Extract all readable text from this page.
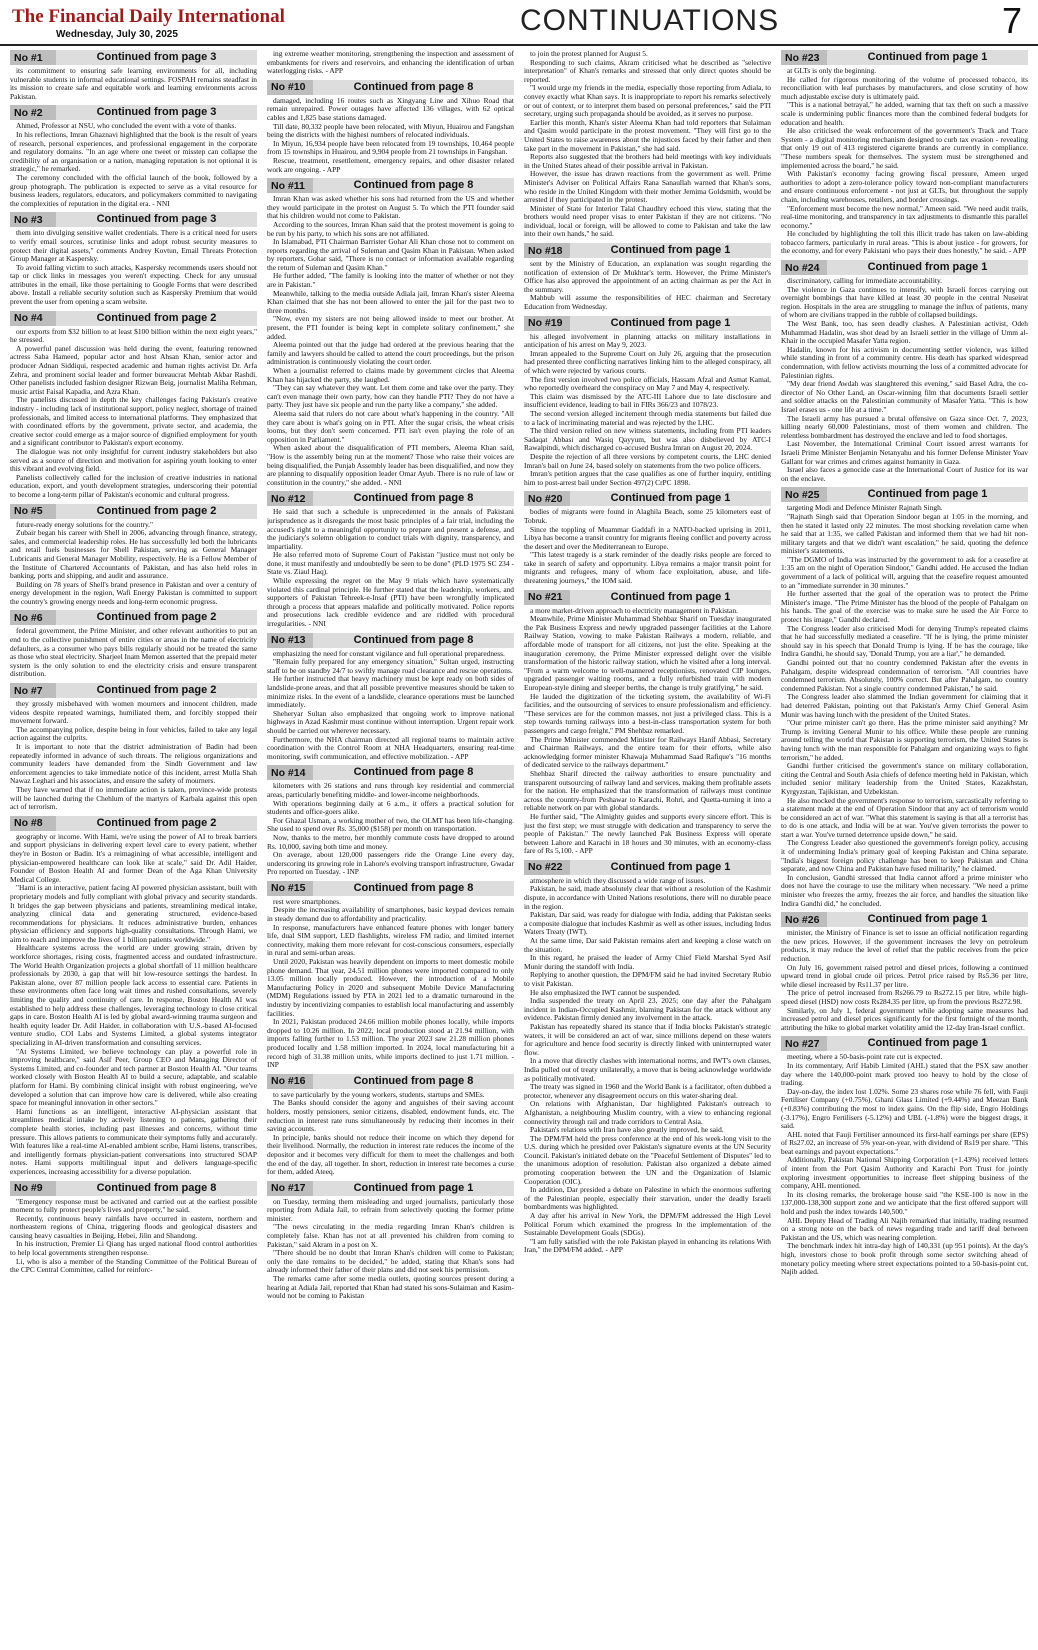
The Financial Daily International
Wednesday, July 30, 2025	CONTINUATIONS	7
No #1	Continued from page 3

its commitment to ensuring safe learning environments for all, including vulnerable students in informal educational settings. FOSPAH remains steadfast in its mission to create safe and equitable work and learning environments across Pakistan.

No #2	Continued from page 3

Ahmed, Professor at NSU, who concluded the event with a vote of thanks.

In his reflections, Imran Ghaznavi highlighted that the book is the result of years of research, personal experiences, and professional engagement in the corporate and regulatory domains. "In an age where one tweet or misstep can collapse the credibility of an organisation or a nation, managing reputation is not optional it is strategic," he remarked.

The ceremony concluded with the official launch of the book, followed by a group photograph. The publication is expected to serve as a vital resource for business leaders, regulators, educators, and policymakers committed to navigating the complexities of reputation in the digital era. - NNI

No #3	Continued from page 3

them into divulging sensitive wallet credentials. There is a critical need for users to verify email sources, scrutinise links and adopt robust security measures to protect their digital assets," comments Andrey Kovtun, Email Threats Protection Group Manager at Kaspersky.

To avoid falling victim to such attacks, Kaspersky recommends users should not tap or click links in messages you weren't expecting. Check for any unusual attributes in the email, like those pertaining to Google Forms that were described above. Install a reliable security solution such as Kaspersky Premium that would prevent the user from opening a scam website.

No #4	Continued from page 2

our exports from $32 billion to at least $100 billion within the next eight years," he stressed.

A powerful panel discussion was held during the event, featuring renowned actress Saba Hameed, popular actor and host Ahsan Khan, senior actor and producer Adnan Siddiqui, respected academic and human rights activist Dr. Arfa Zehra, and prominent social leader and former bureaucrat Mehtab Akbar Rashdi. Other panelists included fashion designer Rizwan Beig, journalist Maliha Rehman, music artist Faisal Kapadia, and Azra Khan.

The panelists discussed in depth the key challenges facing Pakistan's creative industry - including lack of institutional support, policy neglect, shortage of trained professionals, and limited access to international platforms. They emphasized that with coordinated efforts by the government, private sector, and academia, the creative sector could emerge as a major source of dignified employment for youth and a significant contributor to Pakistan's export economy.

The dialogue was not only insightful for current industry stakeholders but also served as a source of direction and motivation for aspiring youth looking to enter this vibrant and evolving field.

Panelists collectively called for the inclusion of creative industries in national education, export, and youth development strategies, underscoring their potential to become a long-term pillar of Pakistan's economic and cultural progress.

No #5	Continued from page 2

future-ready energy solutions for the country."

Zubair began his career with Shell in 2006, advancing through finance, strategy, sales, and commercial leadership roles. He has successfully led both the lubricants and retail fuels businesses for Shell Pakistan, serving as General Manager Lubricants and General Manager Mobility, respectively. He is a Fellow Member of the Institute of Chartered Accountants of Pakistan, and has also held roles in banking, ports and shipping, and audit and assurance.

Building on 78 years of Shell's brand presence in Pakistan and over a century of energy development in the region, Wafi Energy Pakistan is committed to support the country's growing energy needs and long-term economic progress.

No #6	Continued from page 2

federal government, the Prime Minister, and other relevant authorities to put an end to the collective punishment of entire cities or areas in the name of electricity defaulters, as a consumer who pays bills regularly should not be treated the same as those who steal electricity. Sharjeel Inam Memon asserted that the prepaid meter system is the only solution to end the electricity crisis and ensure transparent distribution.

No #7	Continued from page 2

they grossly misbehaved with women mourners and innocent children, made videos despite repeated warnings, humiliated them, and forcibly stopped their movement forward.

The accompanying police, despite being in four vehicles, failed to take any legal action against the culprits.

It is important to note that the district administration of Badin had been repeatedly informed in advance of such threats. The religious organizations and community leaders have demanded from the Sindh Government and law enforcement agencies to take immediate notice of this incident, arrest Mulla Shah Nawaz Leghari and his associates, and ensure the safety of mourners.

They have warned that if no immediate action is taken, province-wide protests will be launched during the Chehlum of the martyrs of Karbala against this open act of terrorism.

No #8	Continued from page 2

geography or income. With Hami, we're using the power of AI to break barriers and support physicians in delivering expert level care to every patient, whether they're in Boston or Badin. It's a reimagining of what accessible, intelligent and physician-empowered healthcare can look like at scale," said Dr. Adil Haider, Founder of Boston Health AI and former Dean of the Aga Khan University Medical College.

"Hami is an interactive, patient facing AI powered physician assistant, built with proprietary models and fully compliant with global privacy and security standards. It bridges the gap between physicians and patients, streamlining medical intake, analyzing clinical data and generating structured, evidence-based recommendations for physicians. It reduces administrative burden, enhances physician efficiency and supports high-quality consultations. Through Hami, we aim to reach and improve the lives of 1 billion patients worldwide."

Healthcare systems across the world are under growing strain, driven by workforce shortages, rising costs, fragmented access and outdated infrastructure. The World Health Organization projects a global shortfall of 11 million healthcare professionals by 2030, a gap that will hit low-resource settings the hardest. In Pakistan alone, over 87 million people lack access to essential care. Patients in these environments often face long wait times and rushed consultations, severely limiting the quality and continuity of care. In response, Boston Health AI was established to help address these challenges, leveraging technology to close critical gaps in care. Boston Health AI is led by global award-winning trauma surgeon and health equity leader Dr. Adil Haider, in collaboration with U.S.-based AI-focused venture studio, COI Labs and Systems Limited, a global systems integrator specializing in AI-driven transformation and consulting services.

"At Systems Limited, we believe technology can play a powerful role in improving healthcare," said Asif Peer, Group CEO and Managing Director of Systems Limited, and co-founder and tech partner at Boston Health AI. "Our teams worked closely with Boston Health AI to build a secure, adaptable, and scalable platform for Hami. By combining clinical insight with robust engineering, we've developed a solution that can improve how care is delivered, while also creating space for meaningful innovation in other sectors."

Hami functions as an intelligent, interactive AI-physician assistant that streamlines medical intake by actively listening to patients, gathering their complete health stories, including past illnesses and concerns, without time pressure. This allows patients to communicate their symptoms fully and accurately. With features like a real-time AI-enabled ambient scribe, Hami listens, transcribes, and intelligently formats physician-patient conversations into structured SOAP notes. Hami supports multilingual input and delivers language-specific experiences, increasing accessibility for a diverse population.

No #9	Continued from page 8

"Emergency response must be activated and carried out at the earliest possible moment to fully protect people's lives and property," he said.

Recently, continuous heavy rainfalls have occurred in eastern, northern and northeastern regions of China, triggering floods and geological disasters and causing heavy casualties in Beijing, Hebei, Jilin and Shandong.

In his instruction, Premier Li Qiang has urged national flood control authorities to help local governments strengthen response.

Li, who is also a member of the Standing Committee of the Political Bureau of the CPC Central Committee, called for reinforc-

ing extreme weather monitoring, strengthening the inspection and assessment of embankments for rivers and reservoirs, and enhancing the identification of urban waterlogging risks. - APP

No #10	Continued from page 8

damaged, including 16 routes such as Xingyang Line and Xihuo Road that remain unrepaired. Power outages have affected 136 villages, with 62 optical cables and 1,825 base stations damaged.

Till date, 80,332 people have been relocated, with Miyun, Huairou and Fangshan being the districts with the highest numbers of relocated individuals.

In Miyun, 16,934 people have been relocated from 19 townships, 10,464 people from 15 townships in Huairou, and 9,904 people from 21 townships in Fangshan.

Rescue, treatment, resettlement, emergency repairs, and other disaster related work are ongoing. - APP

No #11	Continued from page 8

Imran Khan was asked whether his sons had returned from the US and whether they would participate in the protest on August 5. To which the PTI founder said that his children would not come to Pakistan.

According to the sources, Imran Khan said that the protest movement is going to be run by his party, to which his sons are not affiliated.

In Islamabad, PTI Chairman Barrister Gohar Ali Khan chose not to comment on reports regarding the arrival of Suleman and Qasim Khan in Pakistan. When asked by reporters, Gohar said, "There is no contact or information available regarding the return of Suleman and Qasim Khan."

He further added, "The family is looking into the matter of whether or not they are in Pakistan."

Meanwhile, talking to the media outside Adiala jail, Imran Khan's sister Aleema Khan claimed that she has not been allowed to enter the jail for the past two to three months.

"Now, even my sisters are not being allowed inside to meet our brother. At present, the PTI founder is being kept in complete solitary confinement," she added.

Aleema pointed out that the judge had ordered at the previous hearing that the family and lawyers should be called to attend the court proceedings, but the prison administration is continuously violating the court order.

When a journalist referred to claims made by government circles that Aleema Khan has hijacked the party, she laughed.

"They can say whatever they want. Let them come and take over the party. They can't even manage their own party, how can they handle PTI? They do not have a party. They just have six people and run the party like a company," she added.

Aleema said that rulers do not care about what's happening in the country. "All they care about is what's going on in PTI. After the sugar crisis, the wheat crisis looms, but they don't seem concerned. PTI isn't even playing the role of an opposition in Parliament."

When asked about the disqualification of PTI members, Aleema Khan said, "How is the assembly being run at the moment? Those who raise their voices are being disqualified, the Punjab Assembly leader has been disqualified, and now they are planning to disqualify opposition leader Omar Ayub. There is no rule of law or constitution in the country," she added. - NNI

No #12	Continued from page 8

He said that such a schedule is unprecedented in the annals of Pakistani jurisprudence as it disregards the most basic principles of a fair trial, including the accused's right to a meaningful opportunity to prepare and present a defense, and the judiciary's solemn obligation to conduct trials with dignity, transparency, and impartiality.

He also referred moto of Supreme Court of Pakistan "justice must not only be done, it must manifestly and undoubtedly be seen to be done" (PLD 1975 SC 234 - State vs. Ziaul Haq).

While expressing the regret on the May 9 trials which have systematically violated this cardinal principle. He further stated that the leadership, workers, and supporters of Pakistan Tehreek-e-Insaf (PTI) have been wrongfully implicated through a process that appears malafide and politically motivated. Police reports and prosecutions lack credible evidence and are riddled with procedural irregularities. - NNI

No #13	Continued from page 8

emphasizing the need for constant vigilance and full operational preparedness.

"Remain fully prepared for any emergency situation," Sultan urged, instructing staff to be on standby 24/7 to swiftly manage road clearance and rescue operations.

He further instructed that heavy machinery must be kept ready on both sides of landslide-prone areas, and that all possible preventive measures should be taken to minimize risks. In the event of a landslide, clearance operations must be launched immediately.

Sheheryar Sultan also emphasized that ongoing work to improve national highways in Azad Kashmir must continue without interruption. Urgent repair work should be carried out wherever necessary.

Furthermore, the NHA chairman directed all regional teams to maintain active coordination with the Control Room at NHA Headquarters, ensuring real-time monitoring, swift communication, and effective mobilization. - APP

No #14	Continued from page 8

kilometers with 26 stations and runs through key residential and commercial areas, particularly benefiting middle- and lower-income neighborhoods.

With operations beginning daily at 6 a.m., it offers a practical solution for students and office-goers alike.

For Ghazal Usman, a working mother of two, the OLMT has been life-changing. She used to spend over Rs. 35,000 ($158) per month on transportation.

Now, thanks to the metro, her monthly commute costs have dropped to around Rs. 10,000, saving both time and money.

On average, about 120,000 passengers ride the Orange Line every day, underscoring its growing role in Lahore's evolving transport infrastructure, Gwadar Pro reported on Tuesday. - INP

No #15	Continued from page 8

rest were smartphones.

Despite the increasing availability of smartphones, basic keypad devices remain in steady demand due to affordability and practicality.

In response, manufacturers have enhanced feature phones with longer battery life, dual SIM support, LED flashlights, wireless FM radio, and limited internet connectivity, making them more relevant for cost-conscious consumers, especially in rural and semi-urban areas.

Until 2020, Pakistan was heavily dependent on imports to meet domestic mobile phone demand. That year, 24.51 million phones were imported compared to only 13.05 million locally produced. However, the introduction of a Mobile Manufacturing Policy in 2020 and subsequent Mobile Device Manufacturing (MDM) Regulations issued by PTA in 2021 led to a dramatic turnaround in the industry by incentivizing companies to establish local manufacturing and assembly facilities.

In 2021, Pakistan produced 24.66 million mobile phones locally, while imports dropped to 10.26 million. In 2022, local production stood at 21.94 million, with imports falling further to 1.53 million. The year 2023 saw 21.28 million phones produced locally and 1.58 million imported. In 2024, local manufacturing hit a record high of 31.38 million units, while imports declined to just 1.71 million. - INP

No #16	Continued from page 8

to save particularly by the young workers, students, startups and SMEs.

The Banks should consider the agony and anguishes of their saving account holders, mostly pensioners, senior citizens, disabled, endowment funds, etc. The reduction in interest rate runs simultaneously by reducing their incomes in their saving accounts.

In principle, banks should not reduce their income on which they depend for their livelihood. Normally, the reduction in interest rate reduces the income of the depositor and it becomes very difficult for them to meet the challenges and both the end of the day, all together. In short, reduction in interest rate becomes a curse for them, added Ateeq.

No #17	Continued from page 1

on Tuesday, terming them misleading and urged journalists, particularly those reporting from Adiala Jail, to refrain from selectively quoting the former prime minister.

"The news circulating in the media regarding Imran Khan's children is completely false. Khan has not at all prevented his children from coming to Pakistan," said Akram in a post on X.

"There should be no doubt that Imran Khan's children will come to Pakistan; only the date remains to be decided," he added, stating that Khan's sons had already informed their father of their plans and did not seek his permission.

The remarks came after some media outlets, quoting sources present during a hearing at Adiala Jail, reported that Khan had stated his sons-Sulaiman and Kasim-would not be coming to Pakistan

to join the protest planned for August 5.

Responding to such claims, Akram criticised what he described as "selective interpretation" of Khan's remarks and stressed that only direct quotes should be reported.

"I would urge my friends in the media, especially those reporting from Adiala, to convey exactly what Khan says. It is inappropriate to report his remarks selectively or out of context, or to interpret them based on personal preferences," said the PTI secretary, urging such propaganda should be avoided, as it serves no purpose.

Earlier this month, Khan's sister Aleema Khan had told reporters that Sulaiman and Qasim would participate in the protest movement. "They will first go to the United States to raise awareness about the injustices faced by their father and then take part in the movement in Pakistan," she had said.

Reports also suggested that the brothers had held meetings with key individuals in the United States ahead of their possible arrival in Pakistan.

However, the issue has drawn reactions from the government as well. Prime Minister's Adviser on Political Affairs Rana Sanaullah warned that Khan's sons, who reside in the United Kingdom with their mother Jemima Goldsmith, would be arrested if they participated in the protest.

Minister of State for Interior Talal Chaudhry echoed this view, stating that the brothers would need proper visas to enter Pakistan if they are not citizens. "No individual, local or foreign, will be allowed to come to Pakistan and take the law into their own hands," he said.

No #18	Continued from page 1

sent by the Ministry of Education, an explanation was sought regarding the notification of extension of Dr Mukhtar's term. However, the Prime Minister's Office has also approved the appointment of an acting chairman as per the Act in the summary.

Mahbub will assume the responsibilities of HEC chairman and Secretary Education from Wednesday.

No #19	Continued from page 1

his alleged involvement in planning attacks on military installations in anticipation of his arrest on May 9, 2023.

Imran appealed to the Supreme Court on July 26, arguing that the prosecution had presented three conflicting narratives linking him to the alleged conspiracy, all of which were rejected by various courts.

The first version involved two police officials, Hassam Afzal and Asmat Kamal, who reportedly overheard the conspiracy on May 7 and May 4, respectively.

This claim was dismissed by the ATC-III Lahore due to late disclosure and insufficient evidence, leading to bail in FIRs 366/23 and 1078/23.

The second version alleged incitement through media statements but failed due to a lack of incriminating material and was rejected by the LHC.

The third version relied on new witness statements, including from PTI leaders Sadaqat Abbasi and Wasiq Qayyum, but was also disbelieved by ATC-I Rawalpindi, which discharged co-accused Bushra Imran on August 20, 2024.

Despite the rejection of all three versions by competent courts, the LHC denied Imran's bail on June 24, based solely on statements from the two police officers.

Imran's petition argues that the case qualifies as one of further inquiry, entitling him to post-arrest bail under Section 497(2) CrPC 1898.

No #20	Continued from page 1

bodies of migrants were found in Alaghila Beach, some 25 kilometers east of Tobruk.

Since the toppling of Muammar Gaddafi in a NATO-backed uprising in 2011, Libya has become a transit country for migrants fleeing conflict and poverty across the desert and over the Mediterranean to Europe.

"This latest tragedy is a stark reminder of the deadly risks people are forced to take in search of safety and opportunity. Libya remains a major transit point for migrants and refugees, many of whom face exploitation, abuse, and life-threatening journeys," the IOM said.

No #21	Continued from page 1

a more market-driven approach to electricity management in Pakistan.

Meanwhile, Prime Minister Muhammad Shehbaz Sharif on Tuesday inaugurated the Pak Business Express and newly upgraded passenger facilities at the Lahore Railway Station, vowing to make Pakistan Railways a modern, reliable, and affordable mode of transport for all citizens, not just the elite. Speaking at the inauguration ceremony, the Prime Minister expressed delight over the visible transformation of the historic railway station, which he visited after a long interval. "From a warm welcome to well-mannered receptionists, renovated CIP lounges, upgraded passenger waiting rooms, and a fully refurbished train with modern European-style dining and sleeper berths, the change is truly gratifying," he said.

He lauded the digitization of the ticketing system, the availability of Wi-Fi facilities, and the outsourcing of services to ensure professionalism and efficiency. "These services are for the common masses, not just a privileged class. This is a step towards turning railways into a best-in-class transportation system for both passengers and cargo freight," PM Shehbaz remarked.

The Prime Minister commended Minister for Railways Hanif Abbasi, Secretary and Chairman Railways, and the entire team for their efforts, while also acknowledging former minister Khawaja Muhammad Saad Rafique's "16 months of dedicated service to the railways department."

Shehbaz Sharif directed the railway authorities to ensure punctuality and transparent outsourcing of railway land and services, making them profitable assets for the nation. He emphasized that the transformation of railways must continue across the country-from Peshawar to Karachi, Rohri, and Quetta-turning it into a reliable network on par with global standards.

He further said, "The Almighty guides and supports every sincere effort. This is just the first step; we must struggle with dedication and transparency to serve the people of Pakistan." The newly launched Pak Business Express will operate between Lahore and Karachi in 18 hours and 30 minutes, with an economy-class fare of Rs 5,100. - APP

No #22	Continued from page 1

atmosphere in which they discussed a wide range of issues.

Pakistan, he said, made absolutely clear that without a resolution of the Kashmir dispute, in accordance with United Nations resolutions, there will no durable peace in the region.

Pakistan, Dar said, was ready for dialogue with India, adding that Pakistan seeks a composite dialogue that includes Kashmir as well as other issues, including Indus Waters Treaty (IWT).

At the same time, Dar said Pakistan remains alert and keeping a close watch on the situation.

In this regard, he praised the leader of Army Chief Field Marshal Syed Asif Munir during the standoff with India.

Replying to another question, the DPM/FM said he had invited Secretary Rubio to visit Pakistan.

He also emphasized the IWT cannot be suspended.

India suspended the treaty on April 23, 2025; one day after the Pahalgam incident in Indian-Occupied Kashmir, blaming Pakistan for the attack without any evidence. Pakistan firmly denied any involvement in the attack.

Pakistan has repeatedly shared its stance that if India blocks Pakistan's strategic waters, it will be considered an act of war, since millions depend on these waters for agriculture and hence food security is directly linked with uninterrupted water flow.

In a move that directly clashes with international norms, and IWT's own clauses, India pulled out of treaty unilaterally, a move that is being acknowledge worldwide as politically motivated.

The treaty was signed in 1960 and the World Bank is a facilitator, often dubbed a protector, whenever any disagreement occurs on this water-sharing deal.

On relations with Afghanistan, Dar highlighted Pakistan's outreach to Afghanistan, a neighbouring Muslim country, with a view to enhancing regional connectivity through rail and trade corridors to Central Asia.

Pakistan's relations with Iran have also greatly improved, he said.

The DPM/FM held the press conference at the end of his week-long visit to the U.S. during which he presided over Pakistan's signature events at the UN Security Council. Pakistan's initiated debate on the "Peaceful Settlement of Disputes" led to the unanimous adoption of resolution. Pakistan also organized a debate aimed promoting cooperation between the UN and the Organization of Islamic Cooperation (OIC).

In addition, Dar presided a debate on Palestine in which the enormous suffering of the Palestinian people, especially their starvation, under the deadly Israeli bombardments was highlighted.

A day after his arrival in New York, the DPM/FM addressed the High Level Political Forum which examined the progress In the implementation of the Sustainable Development Goals (SDGs).

"I am fully satisfied with the role Pakistan played in enhancing its relations With Iran," the DPM/FM added. - APP

No #23	Continued from page 1

at GLTs is only the beginning.

He called for rigorous monitoring of the volume of processed tobacco, its reconciliation with leaf purchases by manufacturers, and close scrutiny of how much adjustable excise duty is ultimately paid.

"This is a national betrayal," he added, warning that tax theft on such a massive scale is undermining public finances more than the combined federal budgets for education and health.

He also criticised the weak enforcement of the government's Track and Trace System - a digital monitoring mechanism designed to curb tax evasion - revealing that only 19 out of 413 registered cigarette brands are currently in compliance. "These numbers speak for themselves. The system must be strengthened and implemented across the board," he said.

With Pakistan's economy facing growing fiscal pressure, Ameen urged authorities to adopt a zero-tolerance policy toward non-compliant manufacturers and ensure continuous enforcement - not just at GLTs, but throughout the supply chain, including warehouses, retailers, and border crossings.

"Enforcement must become the new normal," Ameen said. "We need audit trails, real-time monitoring, and transparency in tax adjustments to dismantle this parallel economy."

He concluded by highlighting the toll this illicit trade has taken on law-abiding tobacco farmers, particularly in rural areas. "This is about justice - for growers, for the economy, and for every Pakistani who pays their dues honestly," he said. - APP

No #24	Continued from page 1

discriminatory, calling for immediate accountability.

The violence in Gaza continues to intensify, with Israeli forces carrying out overnight bombings that have killed at least 30 people in the central Nuseirat region. Hospitals in the area are struggling to manage the influx of patients, many of whom are civilians trapped in the rubble of collapsed buildings.

The West Bank, too, has seen deadly clashes. A Palestinian activist, Odeh Muhammad Hadalin, was shot dead by an Israeli settler in the village of Umm al-Khair in the occupied Masafer Yatta region.

Hadalin, known for his activism in documenting settler violence, was killed while standing in front of a community centre. His death has sparked widespread condemnation, with fellow activists mourning the loss of a committed advocate for Palestinian rights.

"My dear friend Awdah was slaughtered this evening," said Basel Adra, the co-director of No Other Land, an Oscar-winning film that documents Israeli settler and soldier attacks on the Palestinian community of Masafer Yatta. "This is how Israel erases us - one life at a time."

The Israeli army has pursued a brutal offensive on Gaza since Oct. 7, 2023, killing nearly 60,000 Palestinians, most of them women and children. The relentless bombardment has destroyed the enclave and led to food shortages.

Last November, the International Criminal Court issued arrest warrants for Israeli Prime Minister Benjamin Netanyahu and his former Defense Minister Yoav Gallant for war crimes and crimes against humanity in Gaza.

Israel also faces a genocide case at the International Court of Justice for its war on the enclave.

No #25	Continued from page 1

targeting Modi and Defence Minister Rajnath Singh.

"Rajnath Singh said that Operation Sindoor began at 1:05 in the morning, and then he stated it lasted only 22 minutes. The most shocking revelation came when he said that at 1:35, we called Pakistan and informed them that we had hit non-military targets and that we didn't want escalation," he said, quoting the defence minister's statements.

"The DGMO of India was instructed by the government to ask for a ceasefire at 1:35 am on the night of Operation Sindoor," Gandhi added. He accused the Indian government of a lack of political will, arguing that the ceasefire request amounted to an "immediate surrender in 30 minutes."

He further asserted that the goal of the operation was to protect the Prime Minister's image. "The Prime Minister has the blood of the people of Pahalgam on his hands. The goal of the exercise was to make sure he used the Air Force to protect his image," Gandhi declared.

The Congress leader also criticised Modi for denying Trump's repeated claims that he had successfully mediated a ceasefire. "If he is lying, the prime minister should say in his speech that Donald Trump is lying. If he has the courage, like Indira Gandhi, he should say, 'Donald Trump, you are a liar'," he demanded.

Gandhi pointed out that no country condemned Pakistan after the events in Pahalgam, despite widespread condemnation of terrorism. "All countries have condemned terrorism. Absolutely, 100% correct. But after Pahalgam, no country condemned Pakistan. Not a single country condemned Pakistan," he said.

The Congress leader also slammed the Indian government for claiming that it had deterred Pakistan, pointing out that Pakistan's Army Chief General Asim Munir was having lunch with the president of the United States.

"Our prime minister can't go there. Has the prime minister said anything? Mr Trump is inviting General Munir to his office. While these people are running around telling the world that Pakistan is supporting terrorism, the United States is having lunch with the man responsible for Pahalgam and organizing ways to fight terrorism," he added.

Gandhi further criticised the government's stance on military collaboration, citing the Central and South Asia chiefs of defence meeting held in Pakistan, which included senior military leadership from the United States, Kazakhstan, Kyrgyzstan, Tajikistan, and Uzbekistan.

He also mocked the government's response to terrorism, sarcastically referring to a statement made at the end of Operation Sindoor that any act of terrorism would be considered an act of war. "What this statement is saying is that all a terrorist has to do is one attack, and India will be at war. You've given terrorists the power to start a war. You've turned deterrence upside down," he said.

The Congress Leader also questioned the government's foreign policy, accusing it of undermining India's primary goal of keeping Pakistan and China separate. "India's biggest foreign policy challenge has been to keep Pakistan and China separate, and now China and Pakistan have fused militarily," he claimed.

In conclusion, Gandhi stressed that India cannot afford a prime minister who does not have the courage to use the military when necessary. "We need a prime minister who freezes the army, freezes the air force, and handles the situation like Indira Gandhi did," he concluded.

No #26	Continued from page 1

minister, the Ministry of Finance is set to issue an official notification regarding the new prices. However, if the government increases the levy on petroleum products, it may reduce the level of relief that the public receives from the price reduction.

On July 16, government raised petrol and diesel prices, following a continued upward trend in global crude oil prices. Petrol price raised by Rs5.36 per litre, while diesel increased by Rs11.37 per litre.

The price of petrol increased from Rs266.79 to Rs272.15 per litre, while high-speed diesel (HSD) now costs Rs284.35 per litre, up from the previous Rs272.98.

Similarly, on July 1, federal government while adopting same measures had increased petrol and diesel prices significantly for the first fortnight of the month, attributing the hike to global market volatility amid the 12-day Iran-Israel conflict.

No #27	Continued from page 1

meeting, where a 50-basis-point rate cut is expected.

In its commentary, Arif Habib Limited (AHL) stated that the PSX saw another day where the 140,000-point mark proved too heavy to hold by the close of trading.

Day-on-day, the index lost 1.02%. Some 23 shares rose while 76 fell, with Fauji Fertiliser Company (+0.75%), Ghani Glass Limited (+9.44%) and Meezan Bank (+0.83%) contributing the most to index gains. On the flip side, Engro Holdings (-3.17%), Engro Fertilisers (-5.12%) and UBL (-1.8%) were the biggest drags, it said.

AHL noted that Fauji Fertiliser announced its first-half earnings per share (EPS) of Rs27.02, an increase of 5% year-on-year, with dividend of Rs19 per share. "This beat earnings and payout expectations."

Additionally, Pakistan National Shipping Corporation (+1.43%) received letters of intent from the Port Qasim Authority and Karachi Port Trust for jointly exploring investment opportunities to increase fleet shipping business of the company, AHL mentioned.

In its closing remarks, the brokerage house said "the KSE-100 is now in the 137,000-138,300 support zone and we anticipate that the first offered support will hold and push the index towards 140,500."

AHL Deputy Head of Trading Ali Najib remarked that initially, trading resumed on a strong note on the back of news regarding trade and tariff deal between Pakistan and the US, which was nearing completion.

The benchmark index hit intra-day high of 140,331 (up 951 points). At the day's high, investors chose to book profit through some sector switching ahead of monetary policy meeting where street expectations pointed to a 50-basis-point cut, Najib added.
